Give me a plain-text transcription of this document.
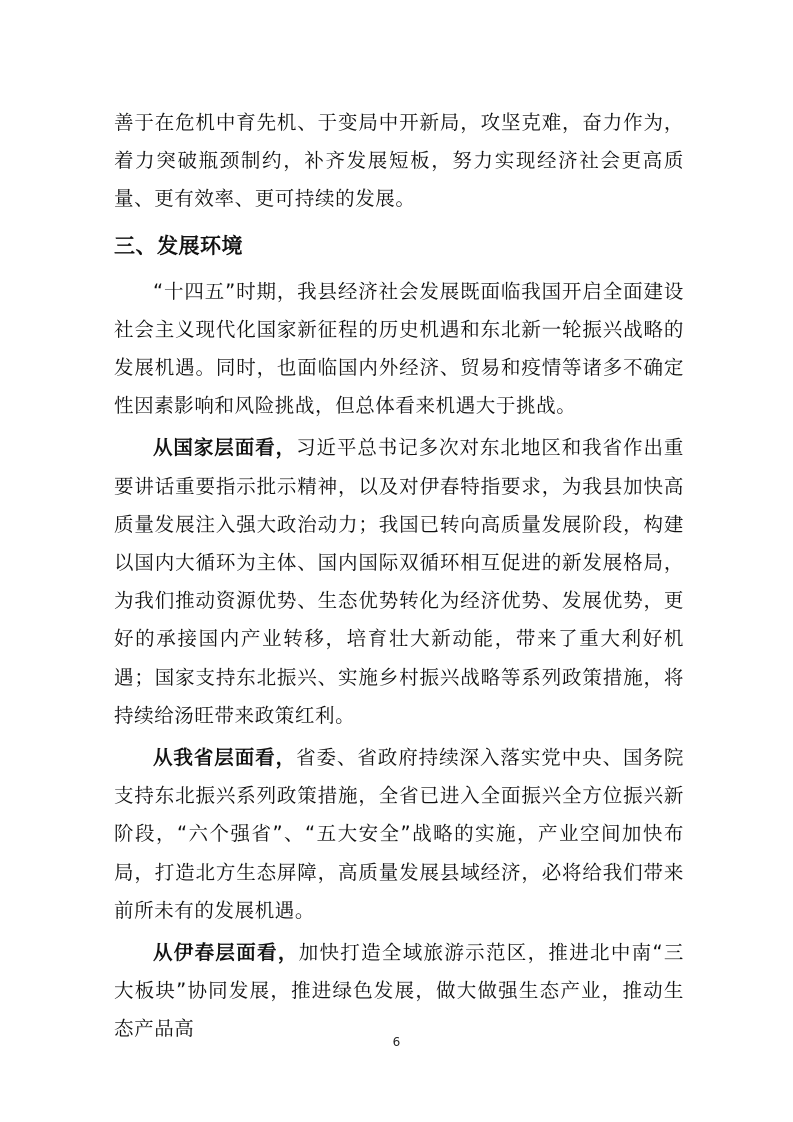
善于在危机中育先机、于变局中开新局，攻坚克难，奋力作为，着力突破瓶颈制约，补齐发展短板，努力实现经济社会更高质量、更有效率、更可持续的发展。

三、发展环境

“十四五”时期，我县经济社会发展既面临我国开启全面建设社会主义现代化国家新征程的历史机遇和东北新一轮振兴战略的发展机遇。同时，也面临国内外经济、贸易和疫情等诸多不确定性因素影响和风险挑战，但总体看来机遇大于挑战。

从国家层面看，习近平总书记多次对东北地区和我省作出重要讲话重要指示批示精神，以及对伊春特指要求，为我县加快高质量发展注入强大政治动力；我国已转向高质量发展阶段，构建以国内大循环为主体、国内国际双循环相互促进的新发展格局，为我们推动资源优势、生态优势转化为经济优势、发展优势，更好的承接国内产业转移，培育壮大新动能，带来了重大利好机遇；国家支持东北振兴、实施乡村振兴战略等系列政策措施，将持续给汤旺带来政策红利。

从我省层面看，省委、省政府持续深入落实党中央、国务院支持东北振兴系列政策措施，全省已进入全面振兴全方位振兴新阶段，“六个强省”、“五大安全”战略的实施，产业空间加快布局，打造北方生态屏障，高质量发展县域经济，必将给我们带来前所未有的发展机遇。

从伊春层面看，加快打造全域旅游示范区，推进北中南“三大板块”协同发展，推进绿色发展，做大做强生态产业，推动生态产品高

6
